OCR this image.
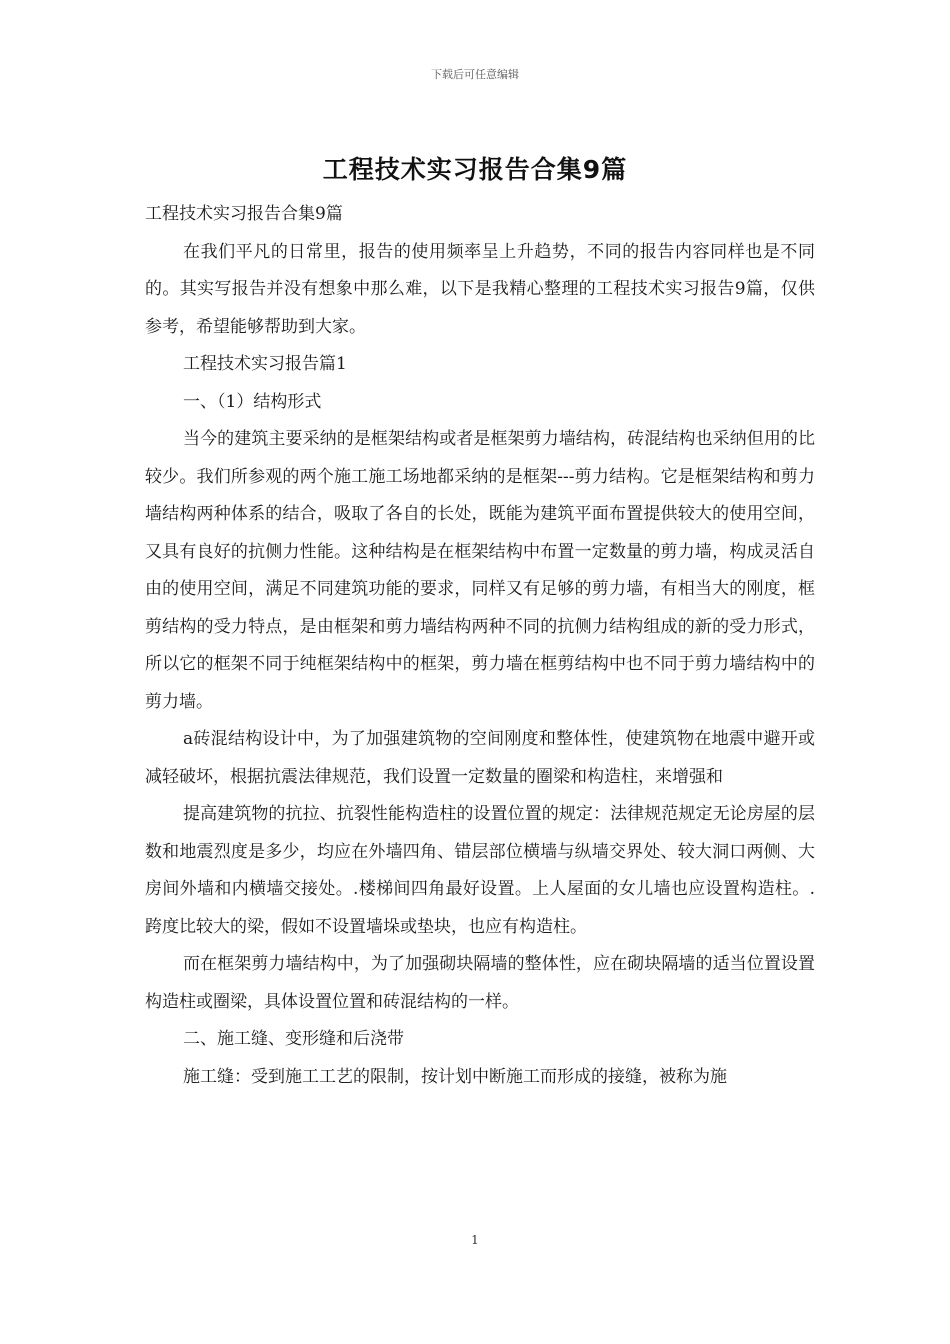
下载后可任意编辑
工程技术实习报告合集9篇

工程技术实习报告合集9篇

在我们平凡的日常里，报告的使用频率呈上升趋势，不同的报告内容同样也是不同的。其实写报告并没有想象中那么难，以下是我精心整理的工程技术实习报告9篇，仅供参考，希望能够帮助到大家。

工程技术实习报告篇1

一、（1）结构形式

当今的建筑主要采纳的是框架结构或者是框架剪力墙结构，砖混结构也采纳但用的比较少。我们所参观的两个施工施工场地都采纳的是框架---剪力结构。它是框架结构和剪力墙结构两种体系的结合，吸取了各自的长处，既能为建筑平面布置提供较大的使用空间，又具有良好的抗侧力性能。这种结构是在框架结构中布置一定数量的剪力墙，构成灵活自由的使用空间，满足不同建筑功能的要求，同样又有足够的剪力墙，有相当大的刚度，框剪结构的受力特点，是由框架和剪力墙结构两种不同的抗侧力结构组成的新的受力形式，所以它的框架不同于纯框架结构中的框架，剪力墙在框剪结构中也不同于剪力墙结构中的剪力墙。

a砖混结构设计中，为了加强建筑物的空间刚度和整体性，使建筑物在地震中避开或减轻破坏，根据抗震法律规范，我们设置一定数量的圈梁和构造柱，来增强和

提高建筑物的抗拉、抗裂性能构造柱的设置位置的规定：法律规范规定无论房屋的层数和地震烈度是多少，均应在外墙四角、错层部位横墙与纵墙交界处、较大洞口两侧、大房间外墙和内横墙交接处。.楼梯间四角最好设置。上人屋面的女儿墙也应设置构造柱。.跨度比较大的梁，假如不设置墙垛或垫块，也应有构造柱。

而在框架剪力墙结构中，为了加强砌块隔墙的整体性，应在砌块隔墙的适当位置设置构造柱或圈梁，具体设置位置和砖混结构的一样。

二、施工缝、变形缝和后浇带

施工缝：受到施工工艺的限制，按计划中断施工而形成的接缝，被称为施

1
